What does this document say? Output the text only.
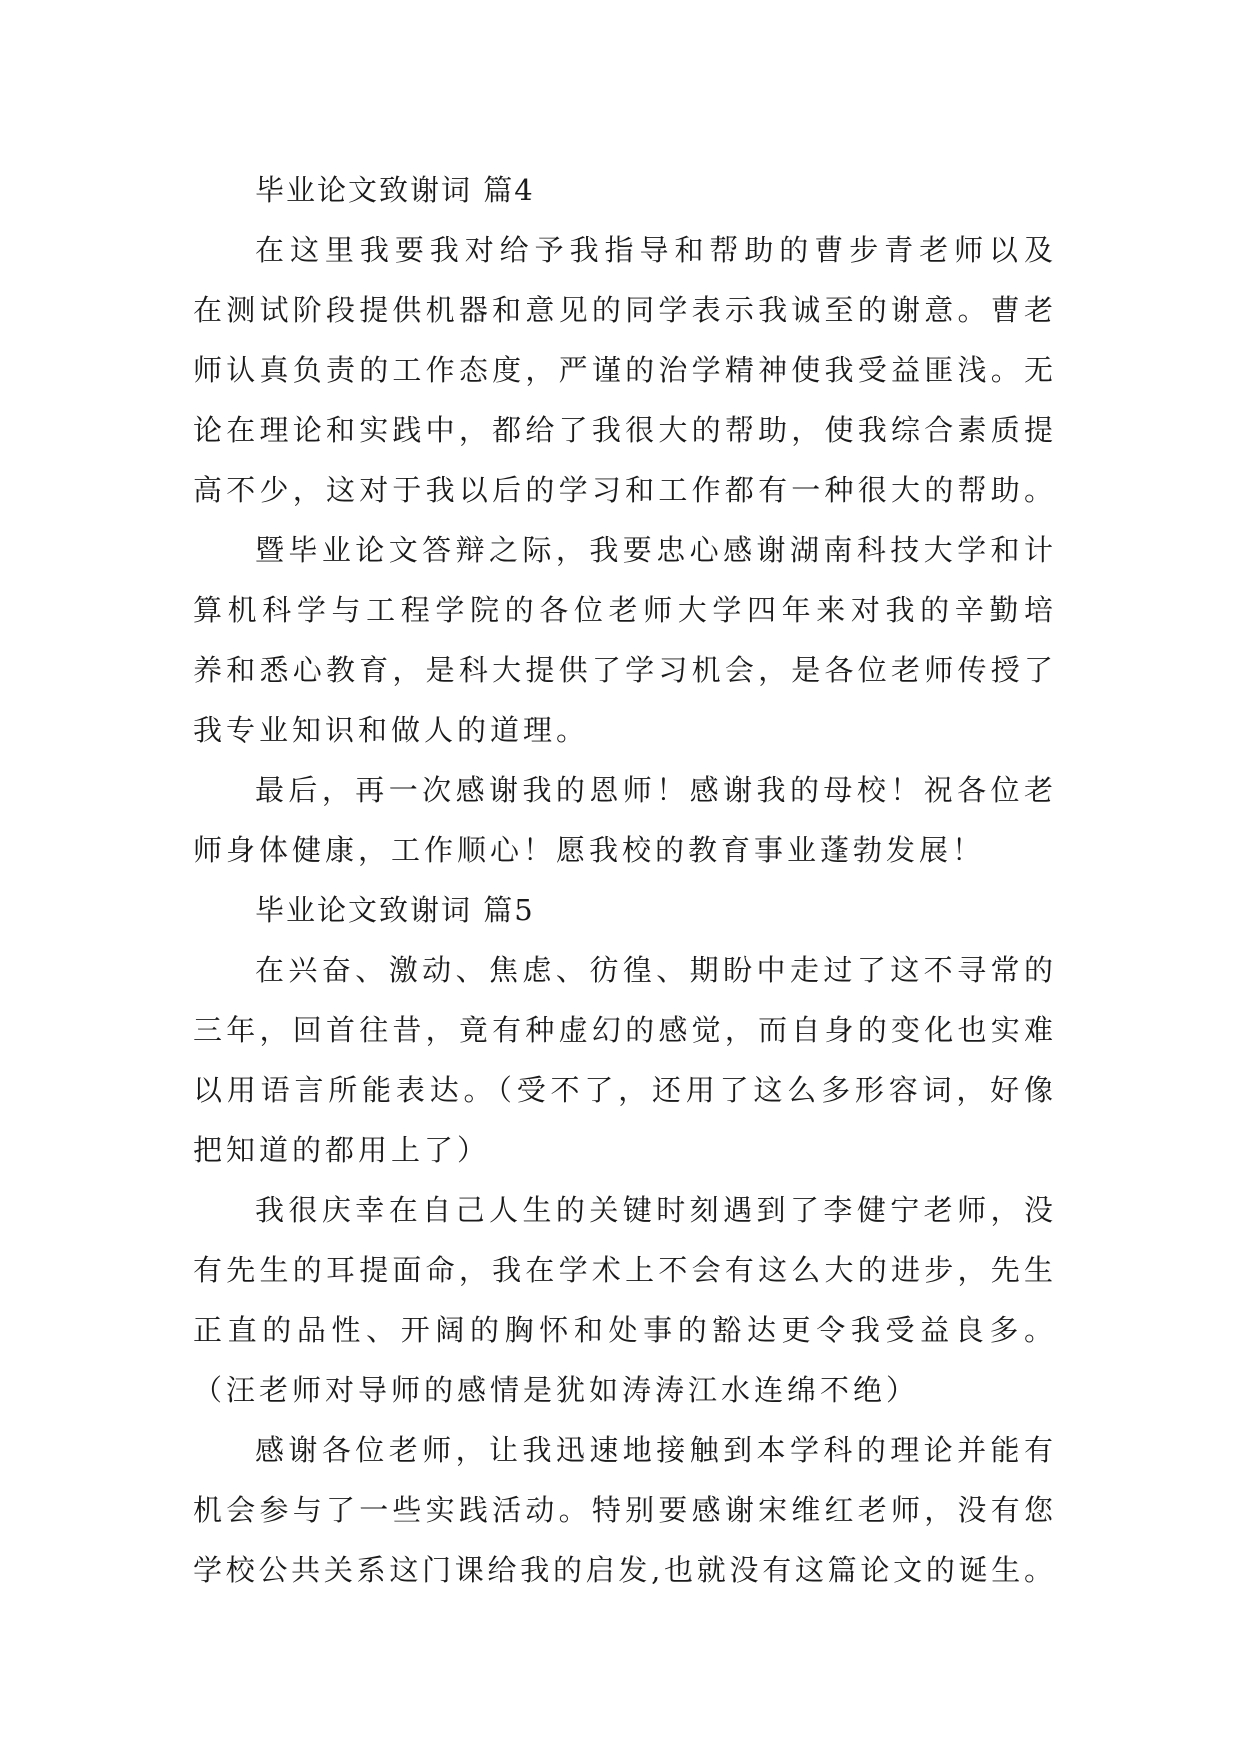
毕业论文致谢词 篇4
在这里我要我对给予我指导和帮助的曹步青老师以及
在测试阶段提供机器和意见的同学表示我诚至的谢意。曹老
师认真负责的工作态度，严谨的治学精神使我受益匪浅。无
论在理论和实践中，都给了我很大的帮助，使我综合素质提
高不少，这对于我以后的学习和工作都有一种很大的帮助。
暨毕业论文答辩之际，我要忠心感谢湖南科技大学和计
算机科学与工程学院的各位老师大学四年来对我的辛勤培
养和悉心教育，是科大提供了学习机会，是各位老师传授了
我专业知识和做人的道理。
最后，再一次感谢我的恩师！感谢我的母校！祝各位老
师身体健康，工作顺心！愿我校的教育事业蓬勃发展！
毕业论文致谢词 篇5
在兴奋、激动、焦虑、彷徨、期盼中走过了这不寻常的
三年，回首往昔，竟有种虚幻的感觉，而自身的变化也实难
以用语言所能表达。（受不了，还用了这么多形容词，好像
把知道的都用上了）
我很庆幸在自己人生的关键时刻遇到了李健宁老师，没
有先生的耳提面命，我在学术上不会有这么大的进步，先生
正直的品性、开阔的胸怀和处事的豁达更令我受益良多。
（汪老师对导师的感情是犹如涛涛江水连绵不绝）
感谢各位老师，让我迅速地接触到本学科的理论并能有
机会参与了一些实践活动。特别要感谢宋维红老师，没有您
学校公共关系这门课给我的启发,也就没有这篇论文的诞生。
